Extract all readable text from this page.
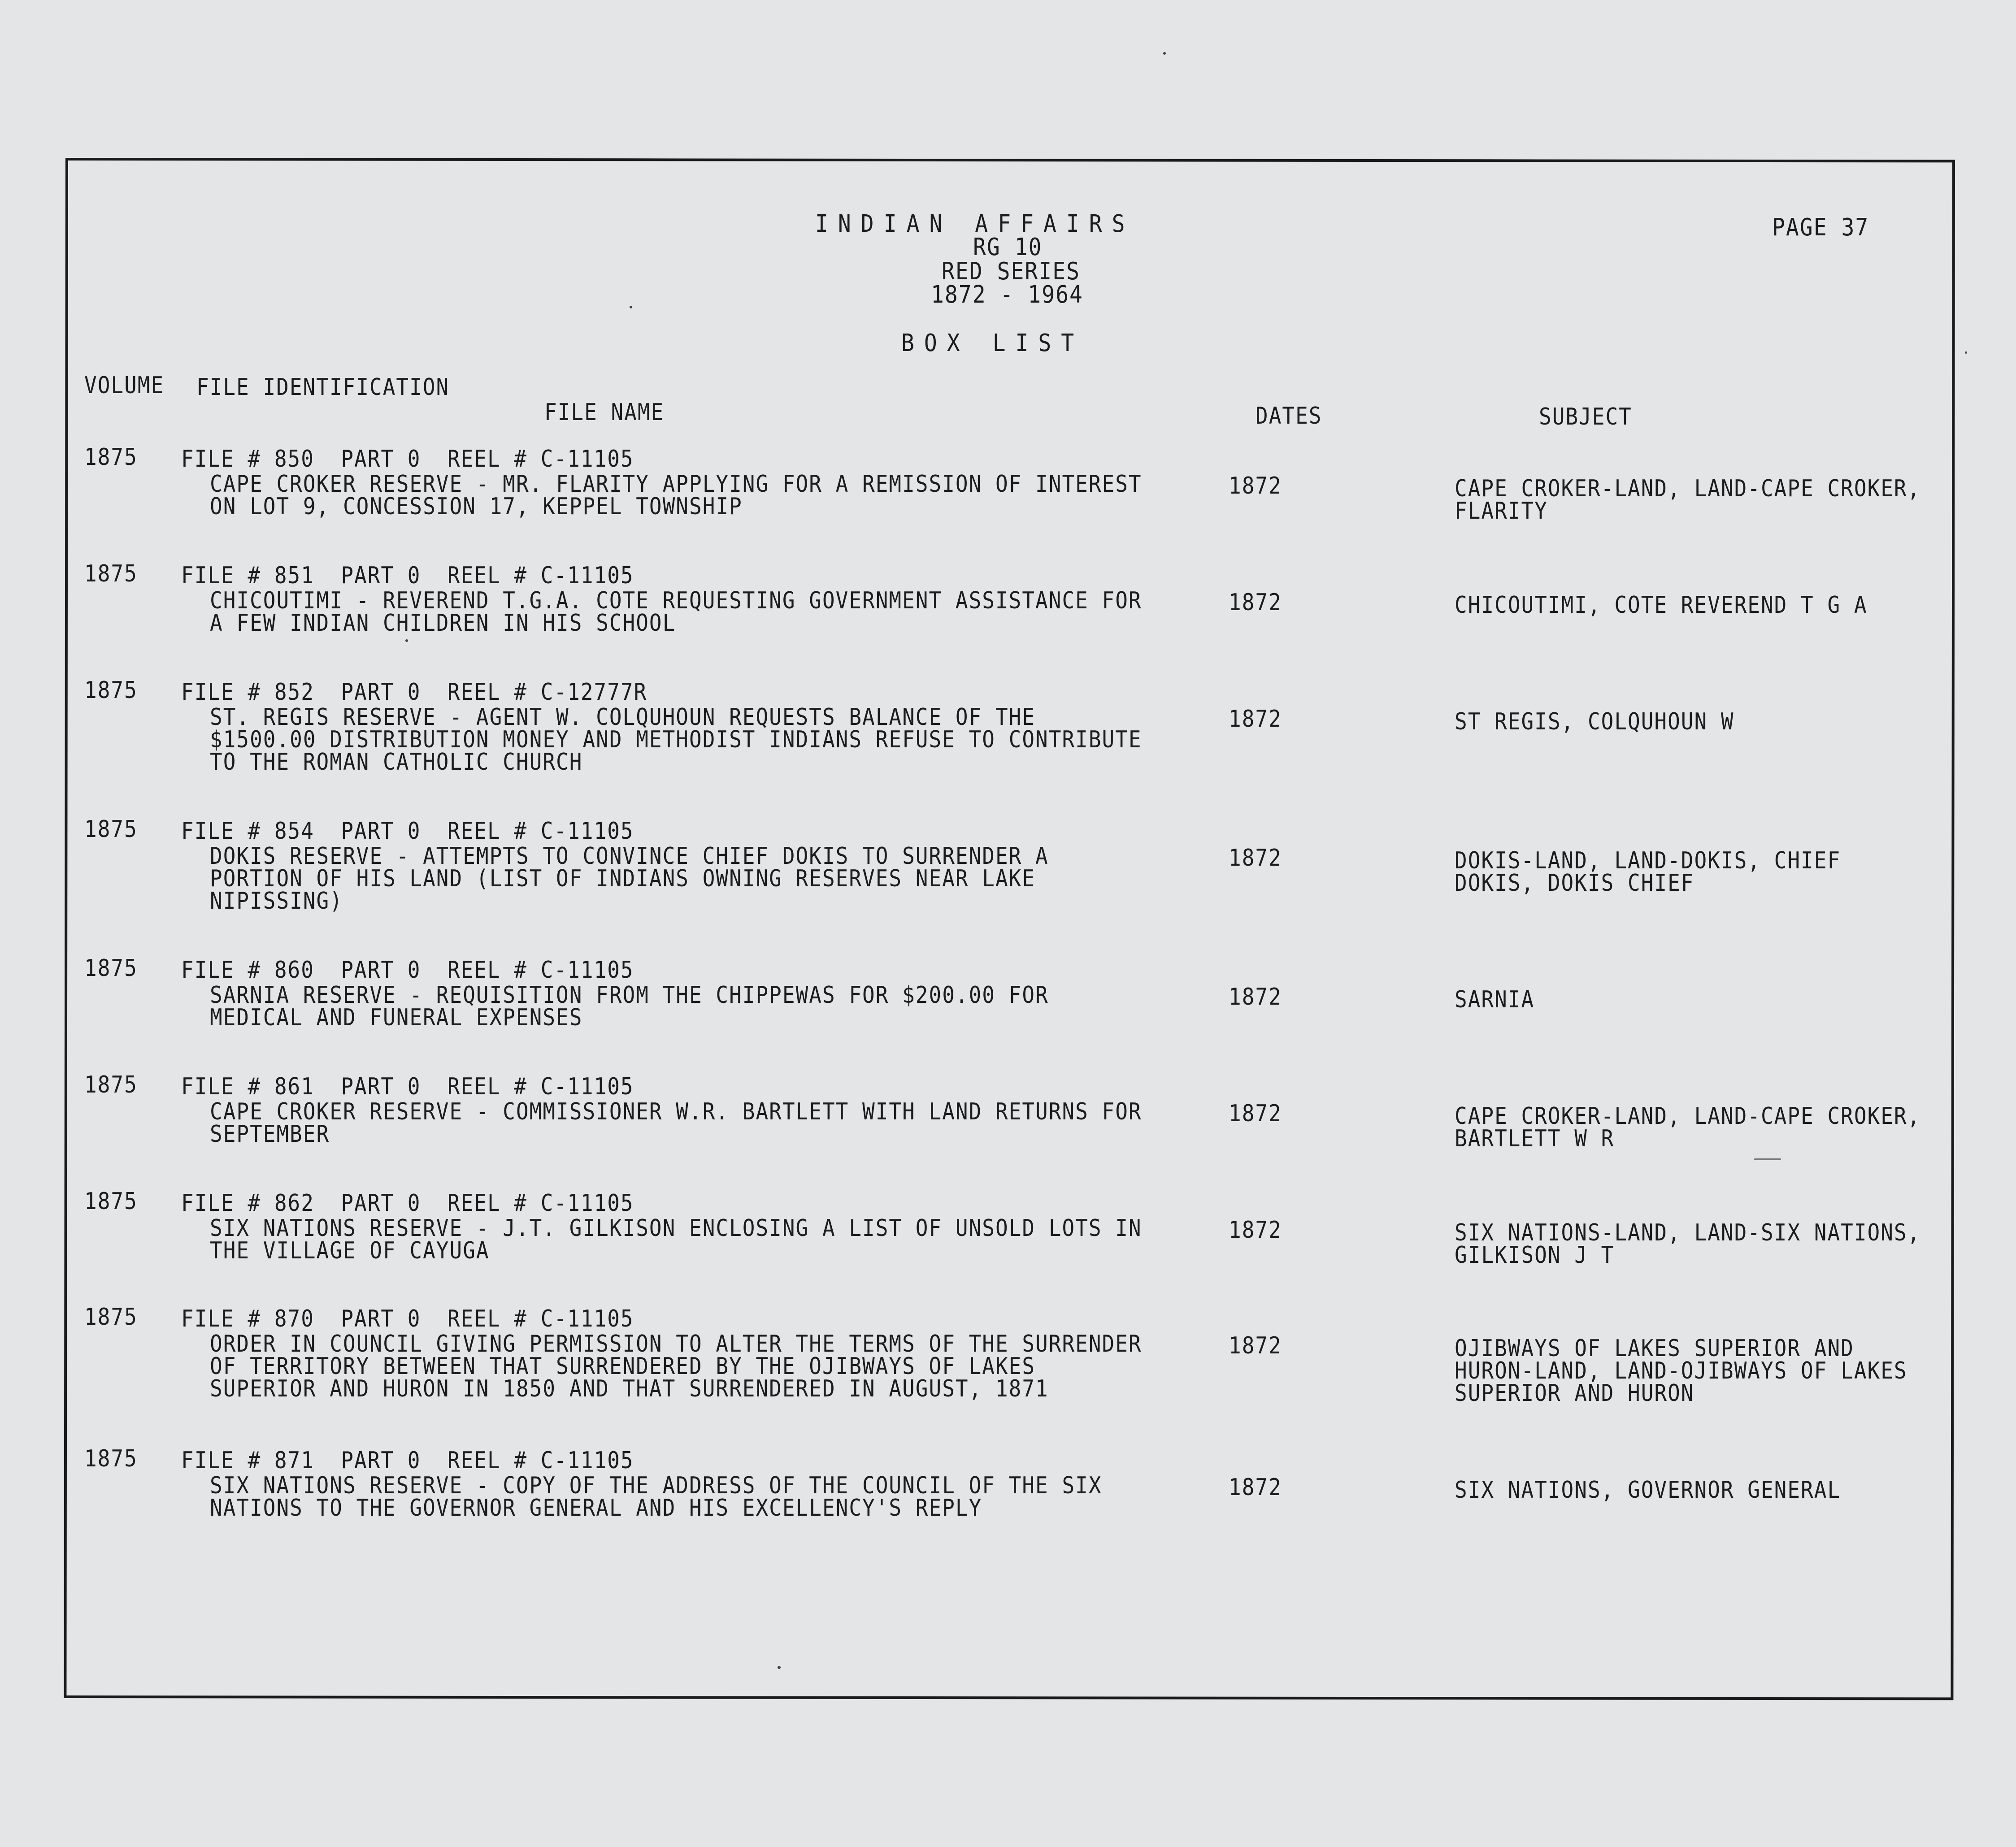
INDIAN AFFAIRS
RG 10
RED SERIES
1872 - 1964
BOX LIST
PAGE 37
VOLUME FILE IDENTIFICATION
FILE NAME	DATES	SUBJECT
1875 FILE # 850  PART 0  REEL # C-11105
CAPE CROKER RESERVE - MR. FLARITY APPLYING FOR A REMISSION OF INTEREST
ON LOT 9, CONCESSION 17, KEPPEL TOWNSHIP
1872	CAPE CROKER-LAND, LAND-CAPE CROKER,
FLARITY
1875 FILE # 851  PART 0  REEL # C-11105
CHICOUTIMI - REVEREND T.G.A. COTE REQUESTING GOVERNMENT ASSISTANCE FOR
A FEW INDIAN CHILDREN IN HIS SCHOOL
1872	CHICOUTIMI, COTE REVEREND T G A
1875 FILE # 852  PART 0  REEL # C-12777R
ST. REGIS RESERVE - AGENT W. COLQUHOUN REQUESTS BALANCE OF THE
$1500.00 DISTRIBUTION MONEY AND METHODIST INDIANS REFUSE TO CONTRIBUTE
TO THE ROMAN CATHOLIC CHURCH
1872	ST REGIS, COLQUHOUN W
1875 FILE # 854  PART 0  REEL # C-11105
DOKIS RESERVE - ATTEMPTS TO CONVINCE CHIEF DOKIS TO SURRENDER A
PORTION OF HIS LAND (LIST OF INDIANS OWNING RESERVES NEAR LAKE
NIPISSING)
1872	DOKIS-LAND, LAND-DOKIS, CHIEF
DOKIS, DOKIS CHIEF
1875 FILE # 860  PART 0  REEL # C-11105
SARNIA RESERVE - REQUISITION FROM THE CHIPPEWAS FOR $200.00 FOR
MEDICAL AND FUNERAL EXPENSES
1872	SARNIA
1875 FILE # 861  PART 0  REEL # C-11105
CAPE CROKER RESERVE - COMMISSIONER W.R. BARTLETT WITH LAND RETURNS FOR
SEPTEMBER
1872	CAPE CROKER-LAND, LAND-CAPE CROKER,
BARTLETT W R
1875 FILE # 862  PART 0  REEL # C-11105
SIX NATIONS RESERVE - J.T. GILKISON ENCLOSING A LIST OF UNSOLD LOTS IN
THE VILLAGE OF CAYUGA
1872	SIX NATIONS-LAND, LAND-SIX NATIONS,
GILKISON J T
1875 FILE # 870  PART 0  REEL # C-11105
ORDER IN COUNCIL GIVING PERMISSION TO ALTER THE TERMS OF THE SURRENDER
OF TERRITORY BETWEEN THAT SURRENDERED BY THE OJIBWAYS OF LAKES
SUPERIOR AND HURON IN 1850 AND THAT SURRENDERED IN AUGUST, 1871
1872	OJIBWAYS OF LAKES SUPERIOR AND
HURON-LAND, LAND-OJIBWAYS OF LAKES
SUPERIOR AND HURON
1875 FILE # 871  PART 0  REEL # C-11105
SIX NATIONS RESERVE - COPY OF THE ADDRESS OF THE COUNCIL OF THE SIX
NATIONS TO THE GOVERNOR GENERAL AND HIS EXCELLENCY'S REPLY
1872	SIX NATIONS, GOVERNOR GENERAL
